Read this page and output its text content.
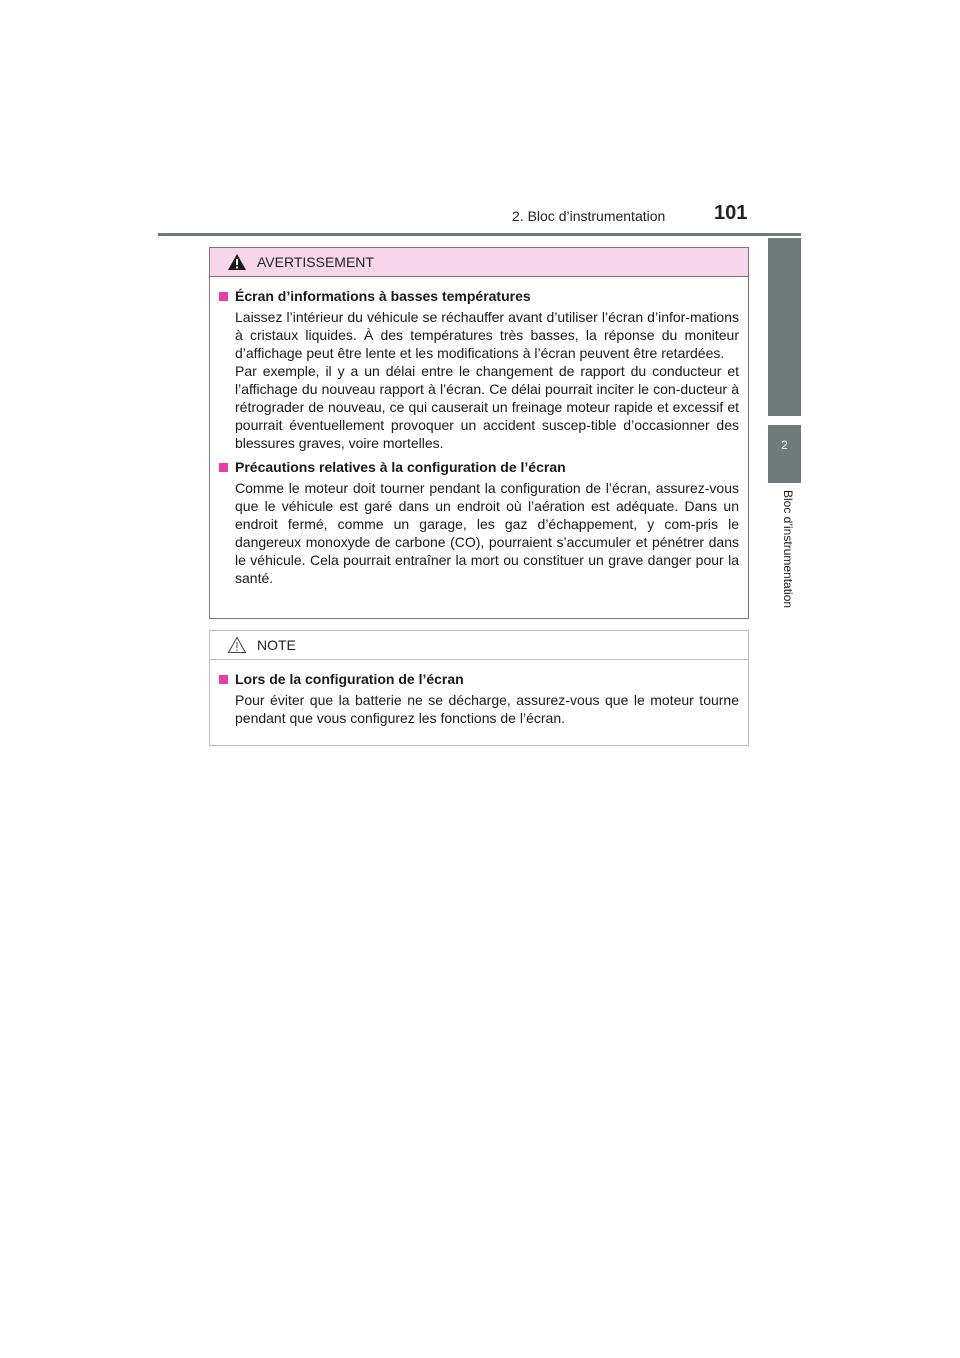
2. Bloc d’instrumentation 101
2
Bloc d’instrumentation
AVERTISSEMENT
Écran d’informations à basses températures

Laissez l’intérieur du véhicule se réchauffer avant d’utiliser l’écran d’infor-mations à cristaux liquides. À des températures très basses, la réponse du moniteur d’affichage peut être lente et les modifications à l’écran peuvent être retardées.

Par exemple, il y a un délai entre le changement de rapport du conducteur et l’affichage du nouveau rapport à l’écran. Ce délai pourrait inciter le con-ducteur à rétrograder de nouveau, ce qui causerait un freinage moteur rapide et excessif et pourrait éventuellement provoquer un accident suscep-tible d’occasionner des blessures graves, voire mortelles.

Précautions relatives à la configuration de l’écran

Comme le moteur doit tourner pendant la configuration de l’écran, assurez-vous que le véhicule est garé dans un endroit où l’aération est adéquate. Dans un endroit fermé, comme un garage, les gaz d’échappement, y com-pris le dangereux monoxyde de carbone (CO), pourraient s’accumuler et pénétrer dans le véhicule. Cela pourrait entraîner la mort ou constituer un grave danger pour la santé.

NOTE
Lors de la configuration de l’écran

Pour éviter que la batterie ne se décharge, assurez-vous que le moteur tourne pendant que vous configurez les fonctions de l’écran.
